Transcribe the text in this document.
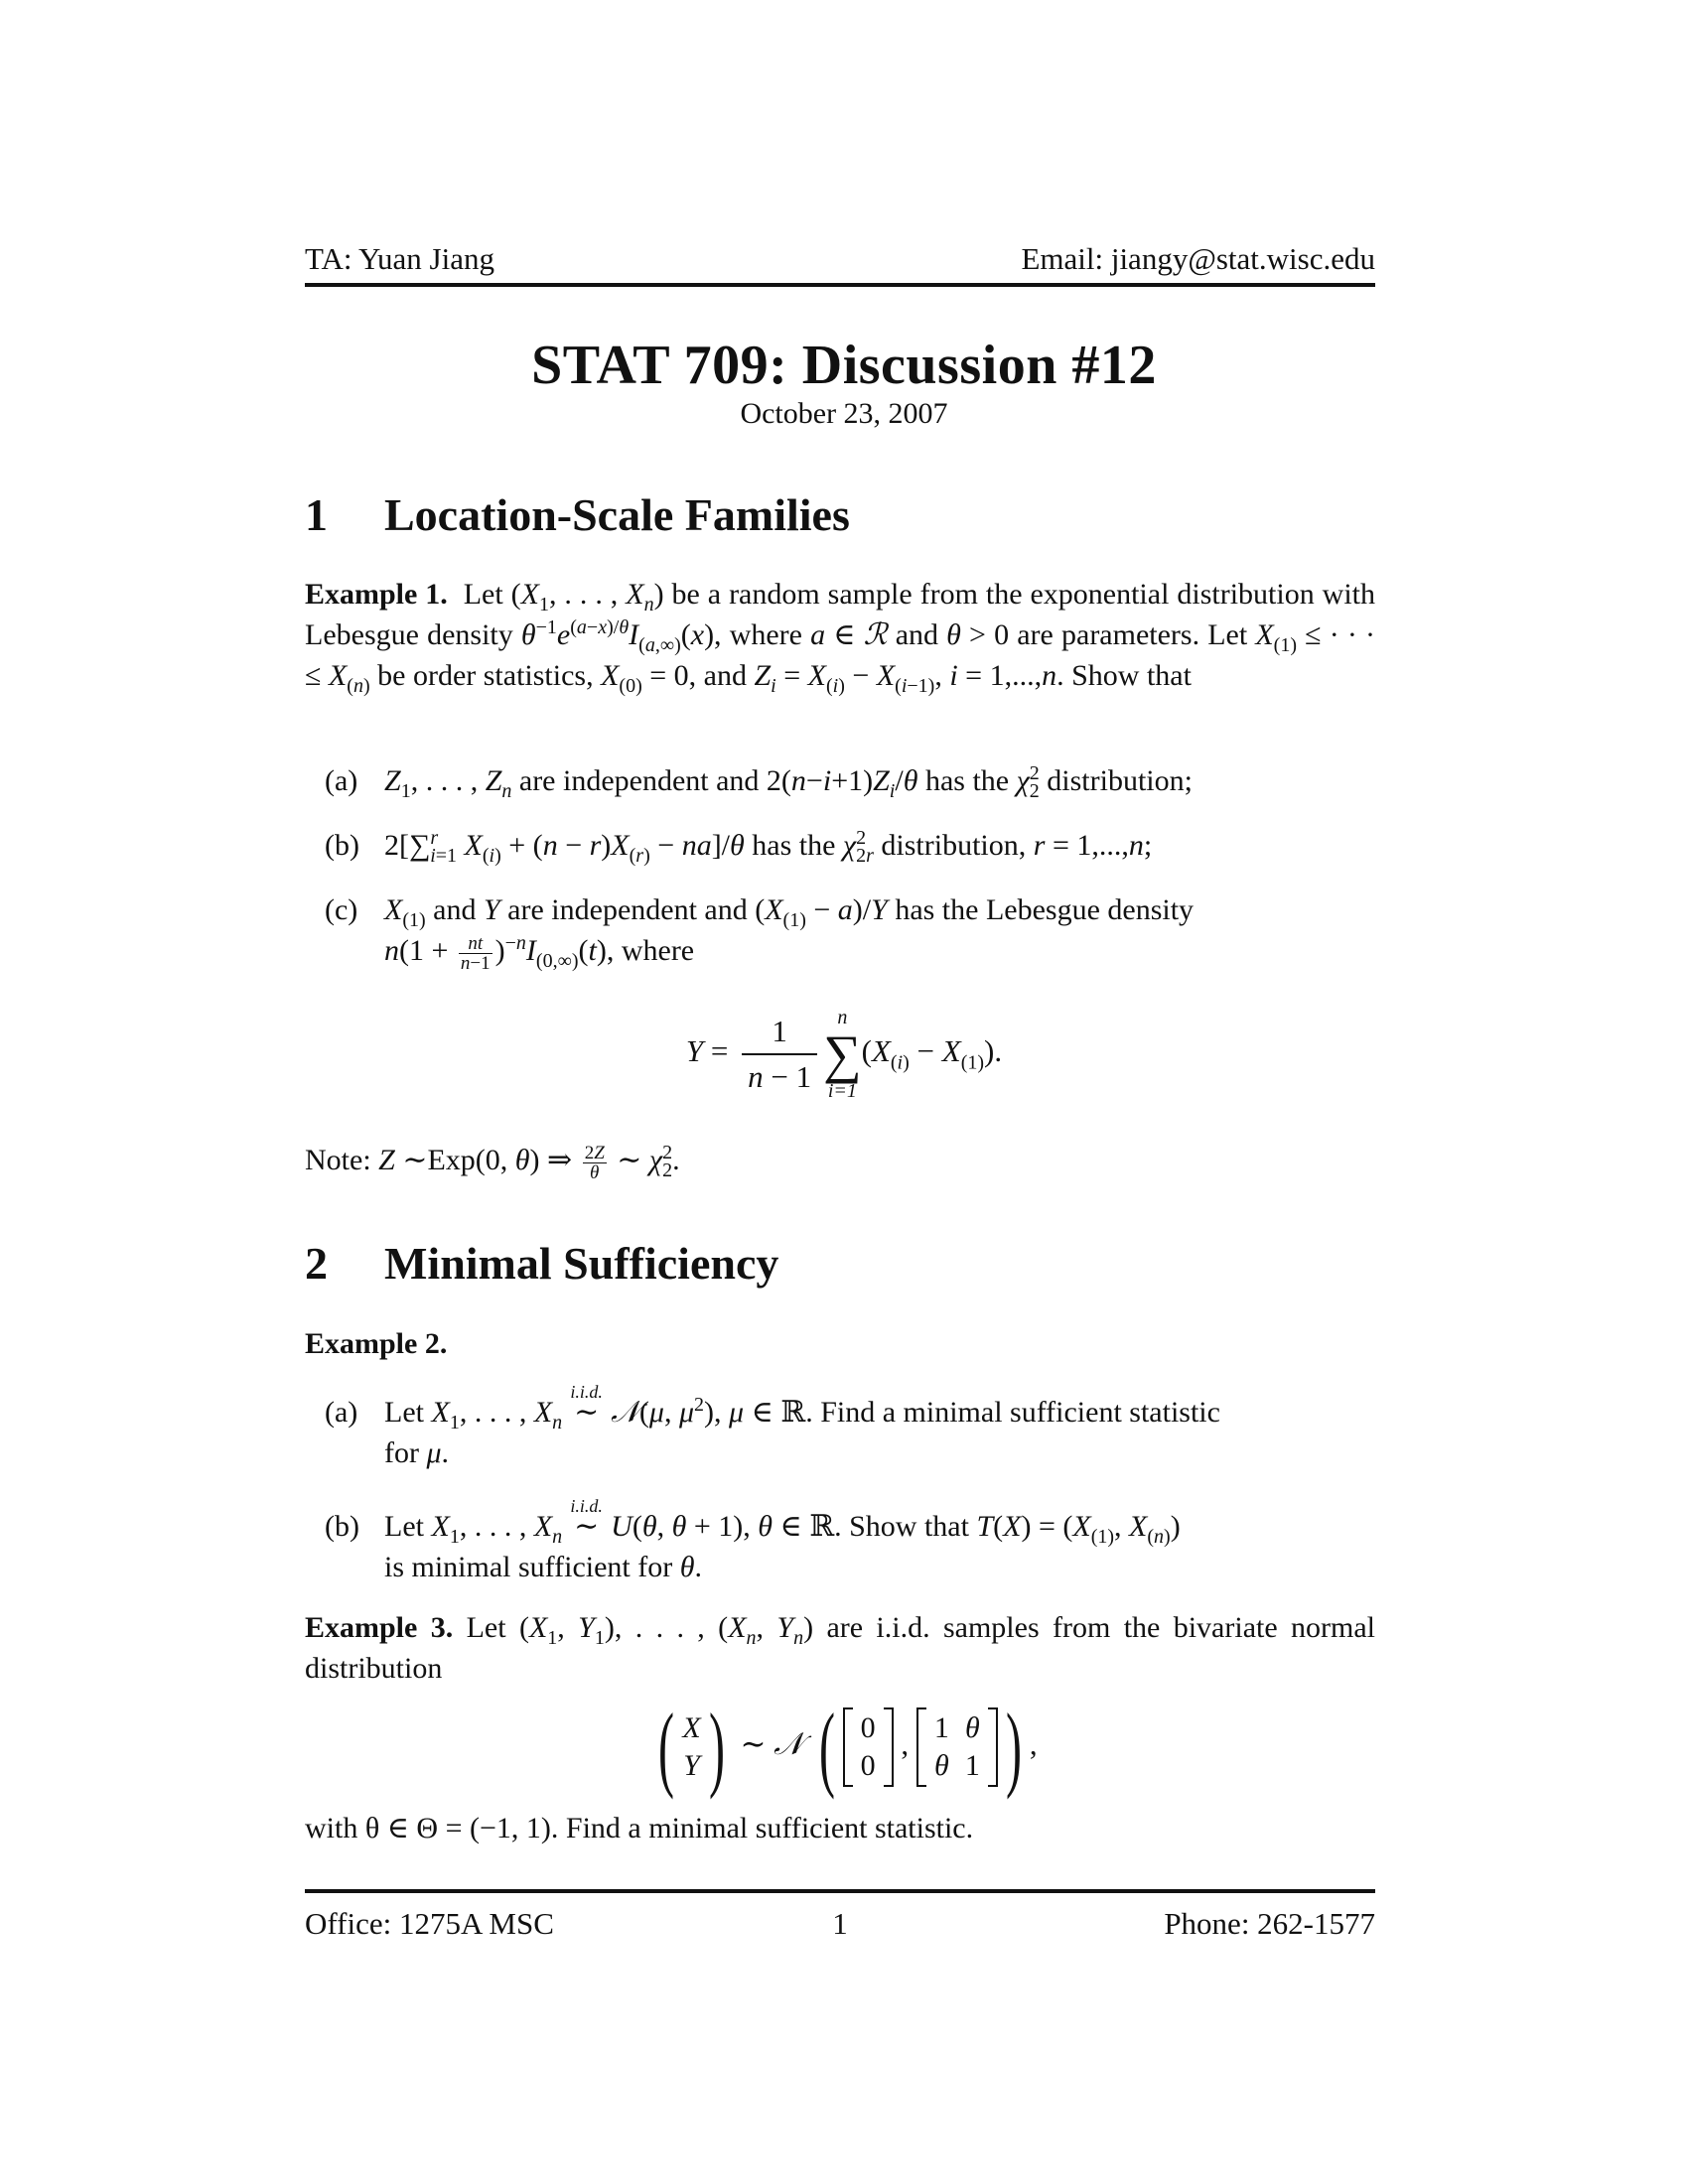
TA: Yuan Jiang	Email: jiangy@stat.wisc.edu
STAT 709: Discussion #12
October 23, 2007
1 Location-Scale Families
Example 1.  Let ($X_1$, . . . , $X_n$) be a random sample from the exponential distribution with Lebesgue density $\theta^{-1}e^{(a-x)/\theta}I_{(a,\infty)}(x)$, where a ∈ ℛ and θ > 0 are parameters. Let $X_{(1)}$ ≤ · · · ≤ $X_{(n)}$ be order statistics, $X_{(0)} = 0$, and $Z_i = X_{(i)} - X_{(i-1)}$, i = 1,...,n. Show that
(a) $Z_1$, . . . , $Z_n$ are independent and $2(n-i+1)Z_i/\theta$ has the $\chi^2_2$ distribution;
(b) 2[∑$^r_{i=1}$ $X_{(i)} + (n - r)X_{(r)} - na]/\theta$ has the $\chi^2_{2r}$ distribution, r = 1,...,n;
(c) $X_{(1)}$ and Y are independent and $(X_{(1)} - a)/Y$ has the Lebesgue density
$n(1 + \frac{nt}{n-1} )^{-n}I_{(0,\infty)}(t)$, where
$Y = \frac{1}{n - 1}$	n
∑
i=1
$(X_{(i)} - X_{(1)})$.
Note: Z ∼Exp(0, θ) ⇒ $\frac{2Z}{\theta}$ ∼ $\chi^2_2$.
2 Minimal Sufficiency
Example 2.
(a) Let $X_1$, . . . , $X_n$
i.i.d.
∼ 𝒩(μ, $\mu^2$), μ ∈ ℝ. Find a minimal sufficient statistic
for μ.
(b) Let $X_1$, . . . , $X_n$
i.i.d.
∼ U(θ, θ + 1), θ ∈ ℝ. Show that $T(X) = (X_{(1)}$, $X_{(n)}$)
is minimal sufficient for θ.
Example 3. Let ($X_1$, $Y_1$), . . . , ($X_n$, $Y_n$) are i.i.d. samples from the bivariate normal distribution
( X
Y) ∼ 𝒩 ( 0
0
, 1	θ
θ	1 ) ,
with θ ∈ Θ = (−1, 1). Find a minimal sufficient statistic.
Office: 1275A MSC	1	Phone: 262-1577
